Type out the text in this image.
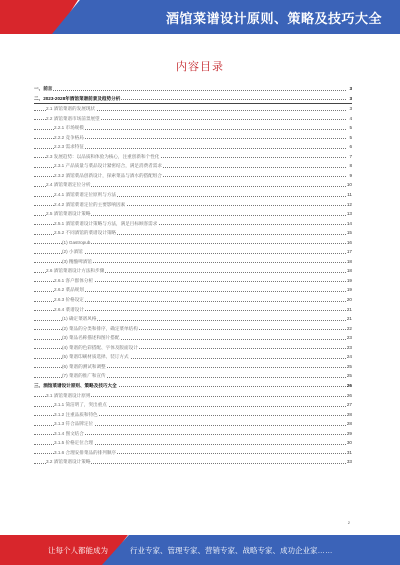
酒馆菜谱设计原则、策略及技巧大全
内容目录
一、前言	3
二、2023-2028年酒馆菜谱前景及趋势分析	3
2.1 酒馆菜谱的发展现状	3
2.2 酒馆菜谱市场前景展望	4
2.2.1 市场规模	5
2.2.2 竞争格局	5
2.2.3 需求特征	6
2.3 发展趋势：以品质和体验为核心，注重创新和个性化	7
2.3.1 产品质量与菜品设计紧密结合，满足消费者需求	8
2.3.2 酒馆菜品创新设计，探索菜品与酒水的搭配组合	9
2.4 酒馆菜谱定位分析	10
2.4.1 酒馆菜谱定位原则与方法	11
2.4.2 酒馆菜谱定位的主要影响因素	12
2.5 酒馆菜谱设计策略	13
2.5.1 酒馆菜谱设计策略与方法，满足目标顾客需求	14
2.5.2 不同酒馆的菜谱设计策略	15
(1) Gastropub	16
(2) 小酒馆	17
(3) 精酿啤酒馆	18
2.6 酒馆菜谱设计方法和步骤	18
2.6.1 客户群体分析	19
2.6.2 菜品规划	19
2.6.3 价格设定	20
2.6.4 菜谱设计	21
(1) 确定菜谱风格	21
(2) 菜品的分类和排序，确定菜单结构	22
(3) 菜品名称描述和图片搭配	23
(4) 菜谱的色彩搭配、字体及版面设计	23
(5) 菜谱印刷材质选择、装订方式	24
(6) 菜谱的测试和调整	25
(7) 菜谱的推广和宣传	25
三、酒馆菜谱设计原则、策略及技巧大全	26
3.1 酒馆菜谱设计原则	26
3.1.1 简洁明了，突出重点	27
3.1.2 注重品质和特色	28
3.1.3 符合品牌定位	28
3.1.4 图文结合	29
3.1.5 价格定位合理	30
3.1.6 合理安排菜品的排列顺序	31
3.2 酒馆菜谱设计策略	33
2
让每个人都能成为	行业专家、管理专家、营销专家、战略专家、成功企业家……
